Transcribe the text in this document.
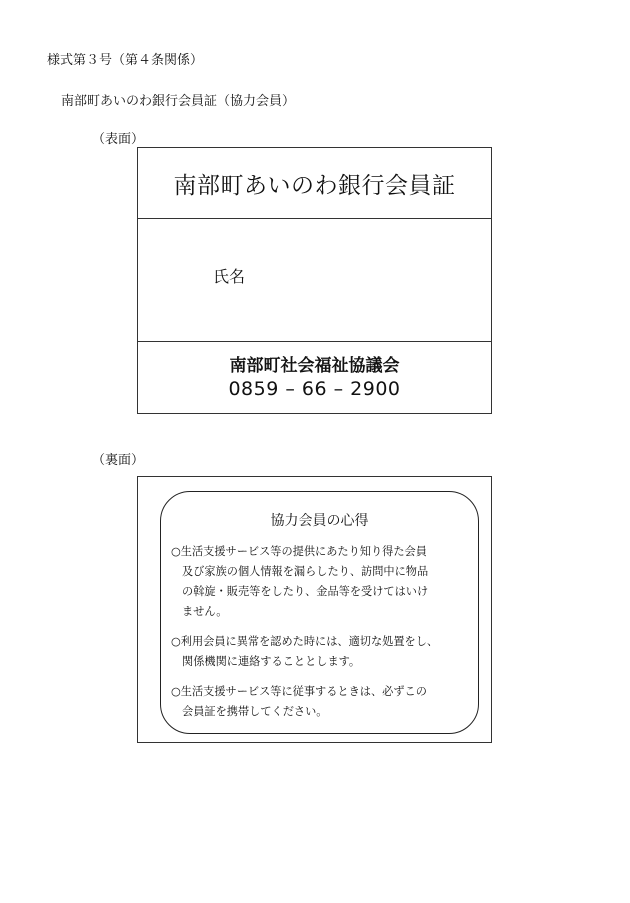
様式第３号（第４条関係）
南部町あいのわ銀行会員証（協力会員）
（表面）
南部町あいのわ銀行会員証
氏名
南部町社会福祉協議会
0859 – 66 – 2900
（裏面）
協力会員の心得

○生活支援サービス等の提供にあたり知り得た会員
及び家族の個人情報を漏らしたり、訪問中に物品
の斡旋・販売等をしたり、金品等を受けてはいけ
ません。

○利用会員に異常を認めた時には、適切な処置をし、
関係機関に連絡することとします。

○生活支援サービス等に従事するときは、必ずこの
会員証を携帯してください。
